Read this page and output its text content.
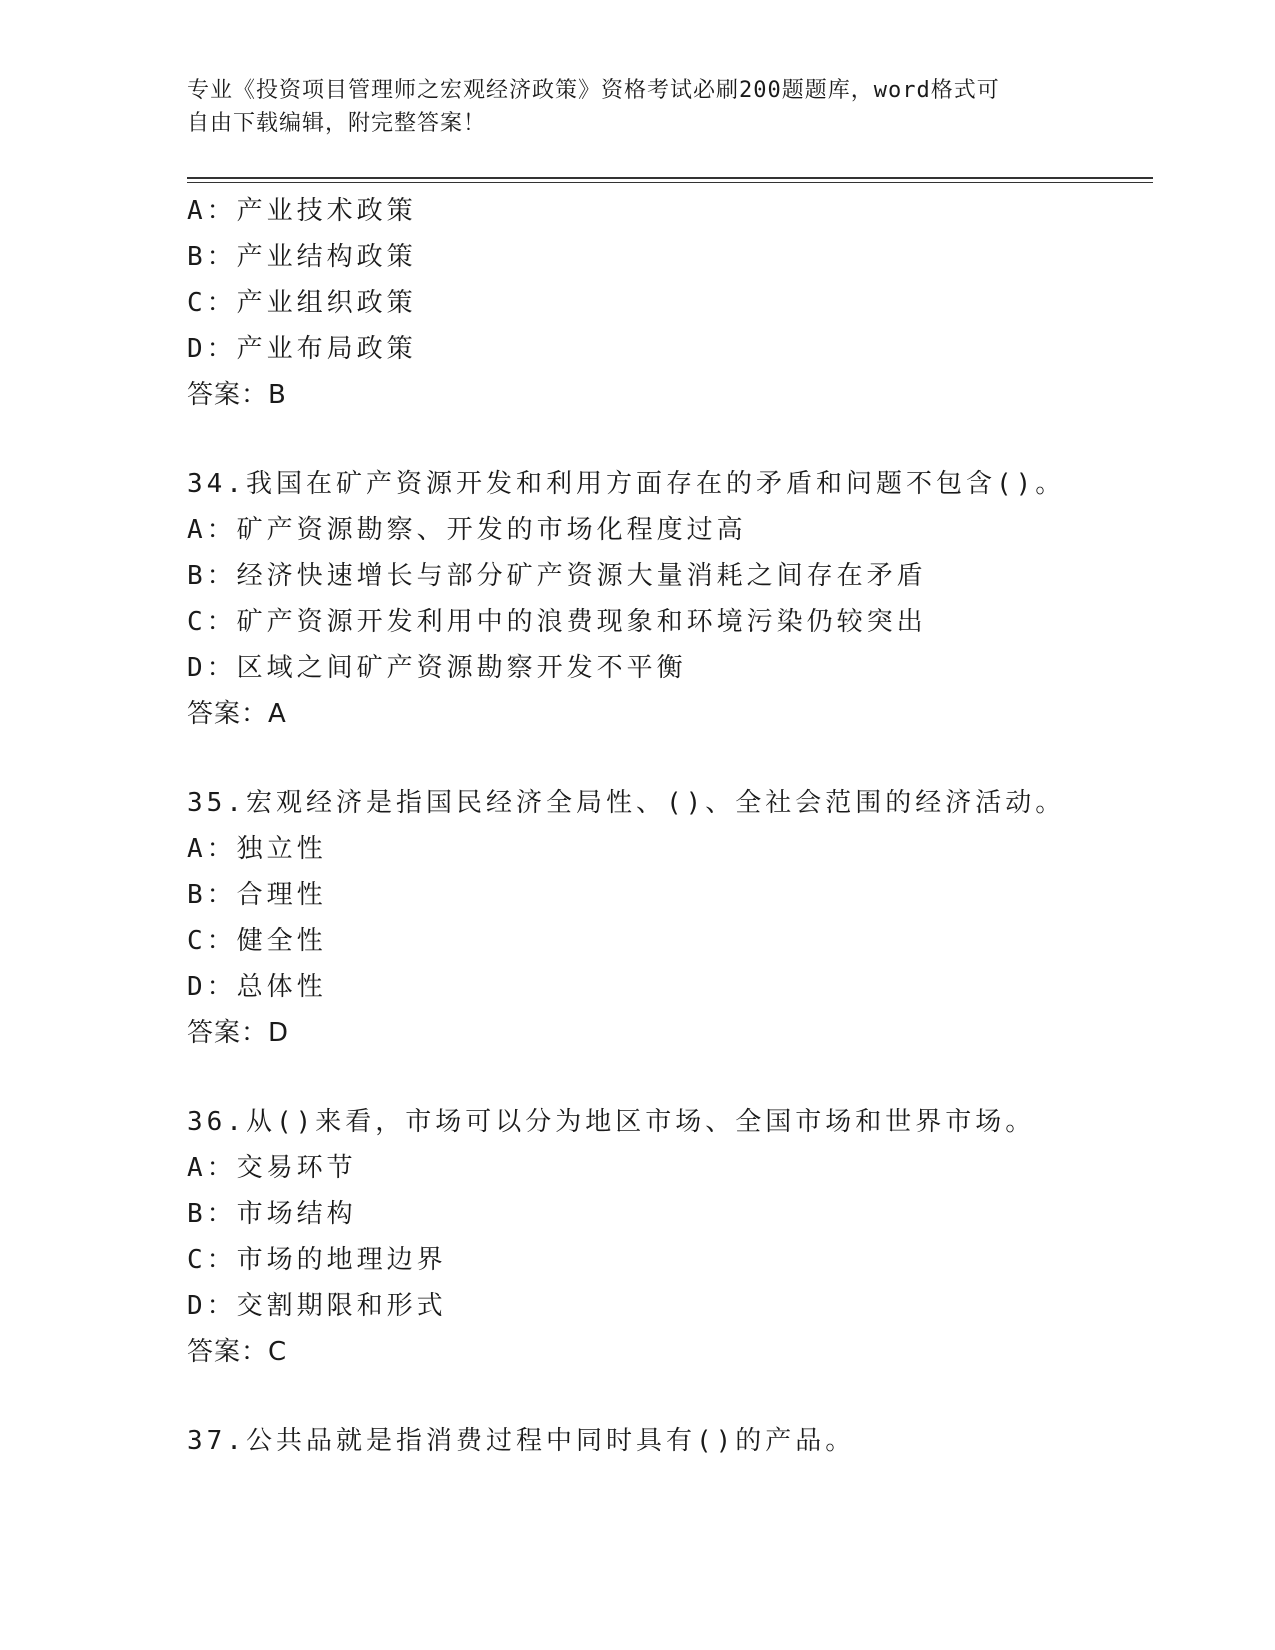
专业《投资项目管理师之宏观经济政策》资格考试必刷200题题库，word格式可
自由下载编辑，附完整答案！
A：产业技术政策
B：产业结构政策
C：产业组织政策
D：产业布局政策
答案：B
34.我国在矿产资源开发和利用方面存在的矛盾和问题不包含()。
A：矿产资源勘察、开发的市场化程度过高
B：经济快速增长与部分矿产资源大量消耗之间存在矛盾
C：矿产资源开发利用中的浪费现象和环境污染仍较突出
D：区域之间矿产资源勘察开发不平衡
答案：A
35.宏观经济是指国民经济全局性、()、全社会范围的经济活动。
A：独立性
B：合理性
C：健全性
D：总体性
答案：D
36.从()来看，市场可以分为地区市场、全国市场和世界市场。
A：交易环节
B：市场结构
C：市场的地理边界
D：交割期限和形式
答案：C
37.公共品就是指消费过程中同时具有()的产品。
